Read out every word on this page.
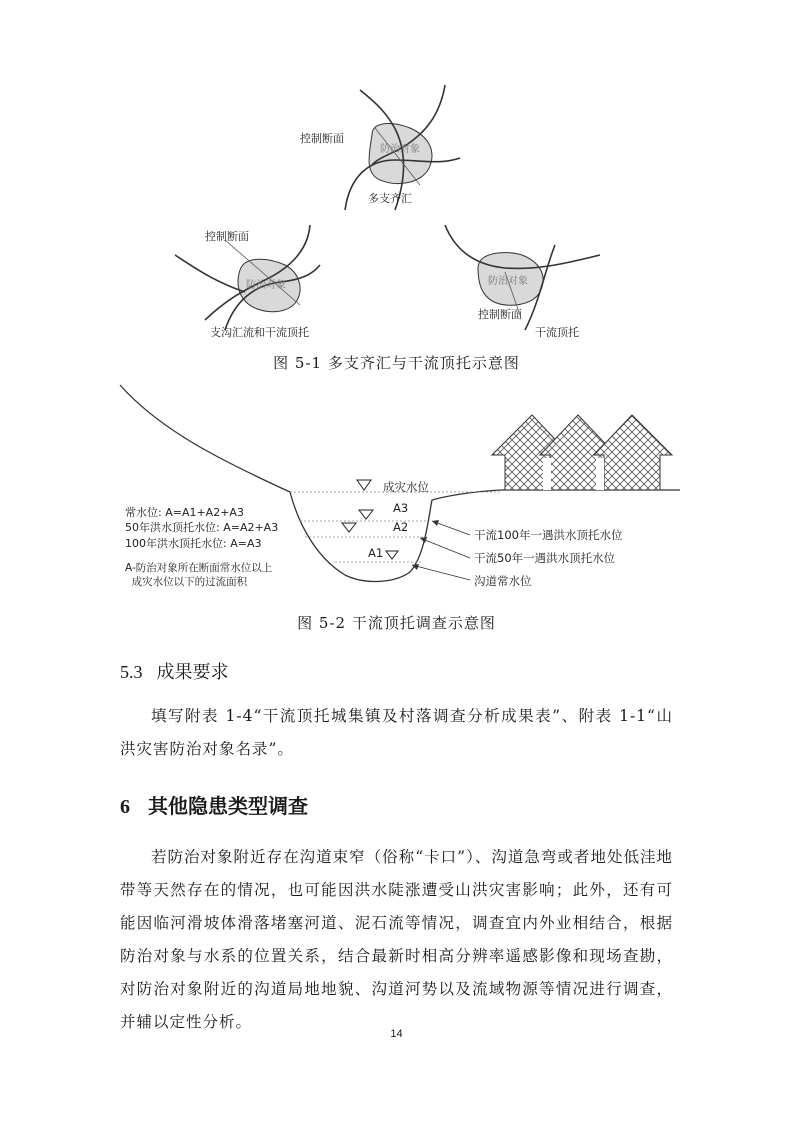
控制断面
防治对象
多支齐汇
控制断面
防治对象
支沟汇流和干流顶托
防治对象
控制断面
干流顶托
成灾水位
A3
A2
A1
常水位: A=A1+A2+A3
50年洪水顶托水位: A=A2+A3
100年洪水顶托水位: A=A3
A-防治对象所在断面常水位以上
成灾水位以下的过流面积
干流100年一遇洪水顶托水位
干流50年一遇洪水顶托水位
沟道常水位
图 5-1 多支齐汇与干流顶托示意图
图 5-2 干流顶托调查示意图
5.3 成果要求

填写附表 1-4“干流顶托城集镇及村落调查分析成果表”、附表 1-1“山洪灾害防治对象名录”。

6 其他隐患类型调查

若防治对象附近存在沟道束窄（俗称“卡口”）、沟道急弯或者地处低洼地带等天然存在的情况，也可能因洪水陡涨遭受山洪灾害影响；此外，还有可能因临河滑坡体滑落堵塞河道、泥石流等情况，调查宜内外业相结合，根据防治对象与水系的位置关系，结合最新时相高分辨率遥感影像和现场查勘，对防治对象附近的沟道局地地貌、沟道河势以及流域物源等情况进行调查，并辅以定性分析。

14
